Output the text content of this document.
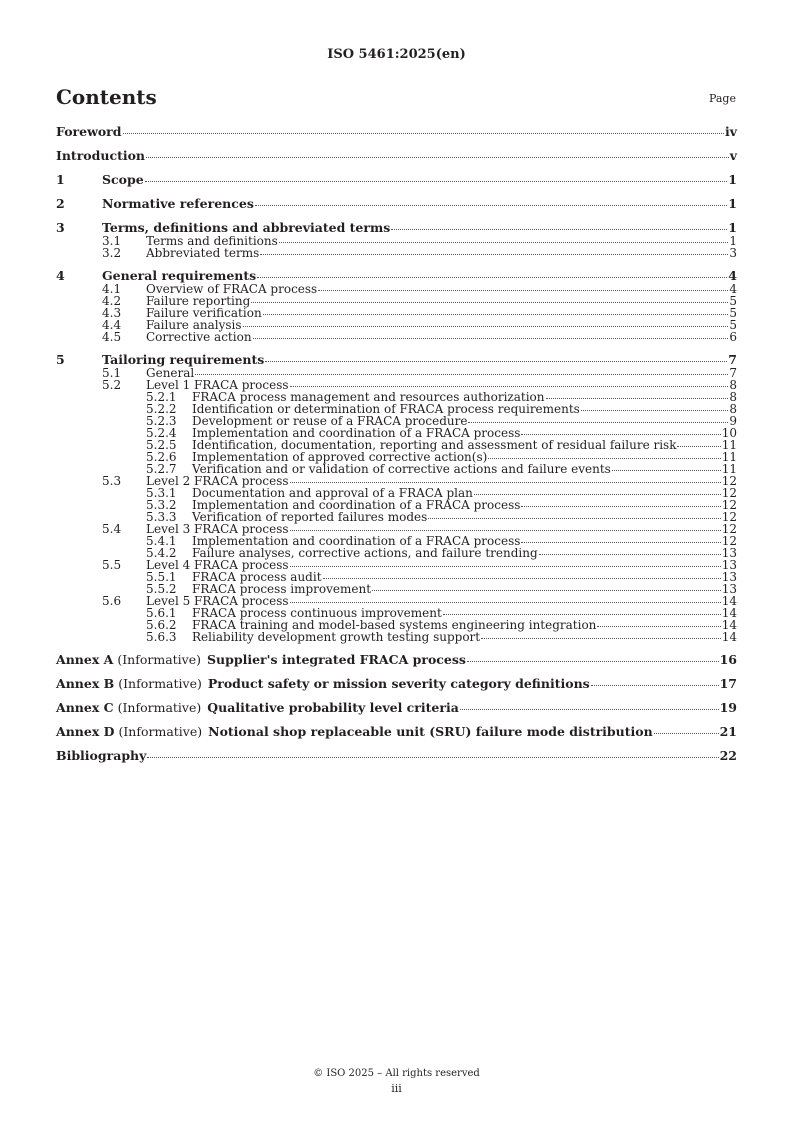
ISO 5461:2025(en)
Contents	Page
Foreword	iv
Introduction	v
1	Scope	1
2	Normative references	1
3	Terms, definitions and abbreviated terms	1
3.1	Terms and definitions	1
3.2	Abbreviated terms	3
4	General requirements	4
4.1	Overview of FRACA process	4
4.2	Failure reporting	5
4.3	Failure verification	5
4.4	Failure analysis	5
4.5	Corrective action	6
5	Tailoring requirements	7
5.1	General	7
5.2	Level 1 FRACA process	8
5.2.1	FRACA process management and resources authorization	8
5.2.2	Identification or determination of FRACA process requirements	8
5.2.3	Development or reuse of a FRACA procedure	9
5.2.4	Implementation and coordination of a FRACA process	10
5.2.5	Identification, documentation, reporting and assessment of residual failure risk	11
5.2.6	Implementation of approved corrective action(s)	11
5.2.7	Verification and or validation of corrective actions and failure events	11
5.3	Level 2 FRACA process	12
5.3.1	Documentation and approval of a FRACA plan	12
5.3.2	Implementation and coordination of a FRACA process	12
5.3.3	Verification of reported failures modes	12
5.4	Level 3 FRACA process	12
5.4.1	Implementation and coordination of a FRACA process	12
5.4.2	Failure analyses, corrective actions, and failure trending	13
5.5	Level 4 FRACA process	13
5.5.1	FRACA process audit	13
5.5.2	FRACA process improvement	13
5.6	Level 5 FRACA process	14
5.6.1	FRACA process continuous improvement	14
5.6.2	FRACA training and model-based systems engineering integration	14
5.6.3	Reliability development growth testing support	14
Annex A (Informative) Supplier's integrated FRACA process	16
Annex B (Informative) Product safety or mission severity category definitions	17
Annex C (Informative) Qualitative probability level criteria	19
Annex D (Informative) Notional shop replaceable unit (SRU) failure mode distribution	21
Bibliography	22
© ISO 2025 – All rights reserved
iii
